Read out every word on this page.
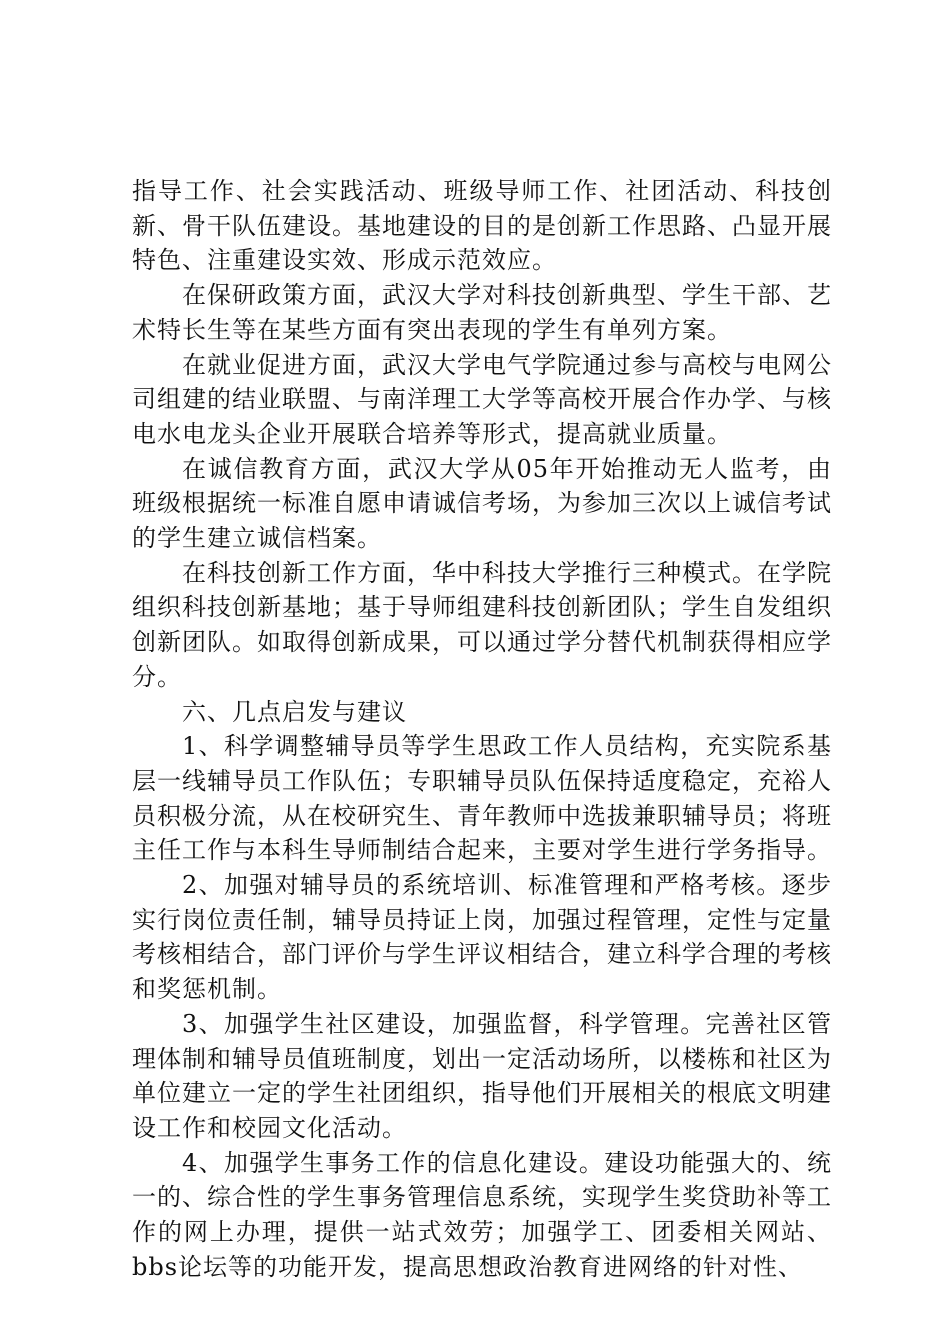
指导工作、社会实践活动、班级导师工作、社团活动、科技创新、骨干队伍建设。基地建设的目的是创新工作思路、凸显开展特色、注重建设实效、形成示范效应。

在保研政策方面，武汉大学对科技创新典型、学生干部、艺术特长生等在某些方面有突出表现的学生有单列方案。

在就业促进方面，武汉大学电气学院通过参与高校与电网公司组建的结业联盟、与南洋理工大学等高校开展合作办学、与核电水电龙头企业开展联合培养等形式，提高就业质量。

在诚信教育方面，武汉大学从05年开始推动无人监考，由班级根据统一标准自愿申请诚信考场，为参加三次以上诚信考试的学生建立诚信档案。

在科技创新工作方面，华中科技大学推行三种模式。在学院组织科技创新基地；基于导师组建科技创新团队；学生自发组织创新团队。如取得创新成果，可以通过学分替代机制获得相应学分。

六、几点启发与建议

1、科学调整辅导员等学生思政工作人员结构，充实院系基层一线辅导员工作队伍；专职辅导员队伍保持适度稳定，充裕人员积极分流，从在校研究生、青年教师中选拔兼职辅导员；将班主任工作与本科生导师制结合起来，主要对学生进行学务指导。

2、加强对辅导员的系统培训、标准管理和严格考核。逐步实行岗位责任制，辅导员持证上岗，加强过程管理，定性与定量考核相结合，部门评价与学生评议相结合，建立科学合理的考核和奖惩机制。

3、加强学生社区建设，加强监督，科学管理。完善社区管理体制和辅导员值班制度，划出一定活动场所，以楼栋和社区为单位建立一定的学生社团组织，指导他们开展相关的根底文明建设工作和校园文化活动。

4、加强学生事务工作的信息化建设。建设功能强大的、统一的、综合性的学生事务管理信息系统，实现学生奖贷助补等工作的网上办理，提供一站式效劳；加强学工、团委相关网站、bbs论坛等的功能开发，提高思想政治教育进网络的针对性、
